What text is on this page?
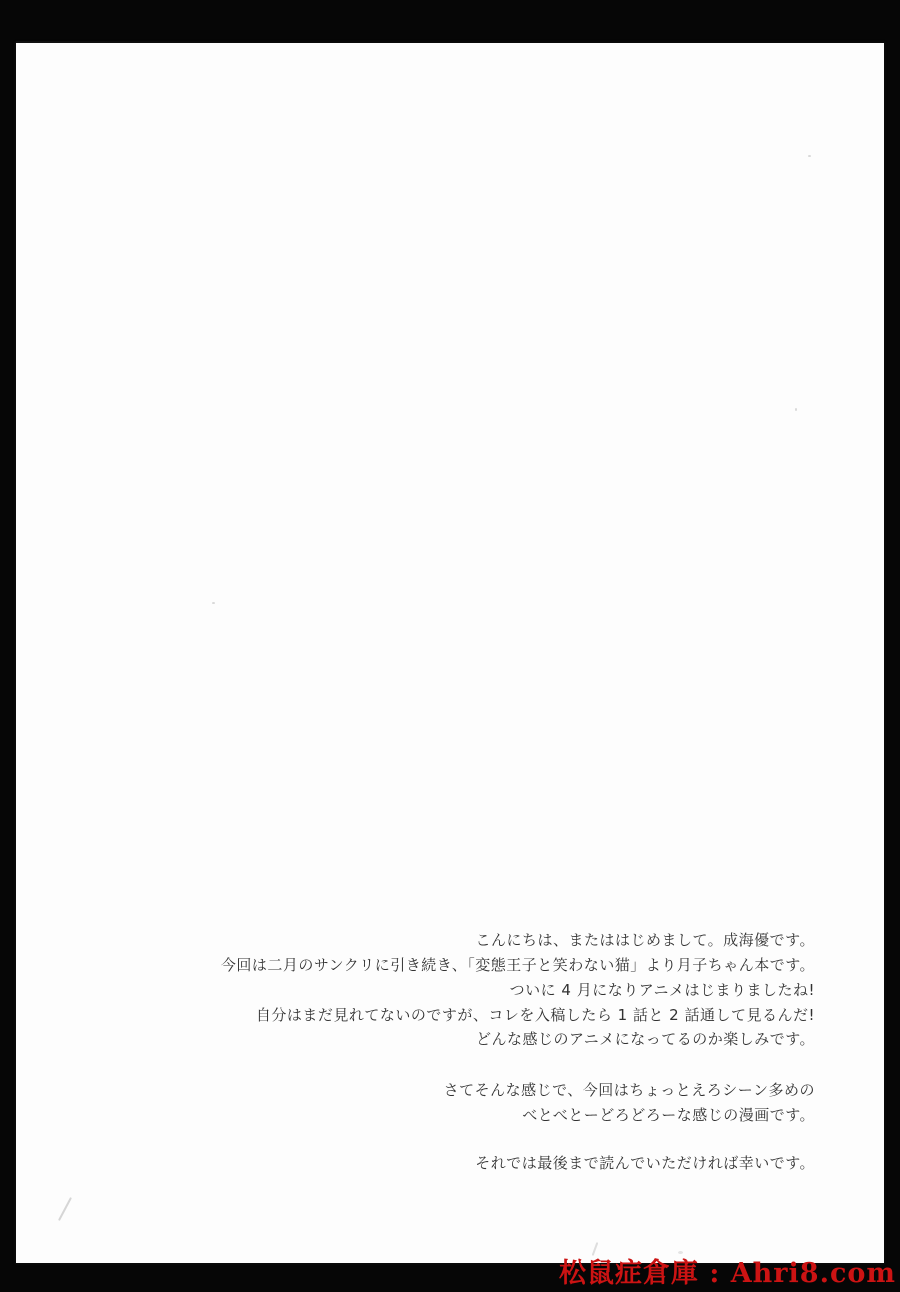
こんにちは、またははじめまして。成海優です。
今回は二月のサンクリに引き続き、「変態王子と笑わない猫」より月子ちゃん本です。
ついに 4 月になりアニメはじまりましたね!
自分はまだ見れてないのですが、コレを入稿したら 1 話と 2 話通して見るんだ!
どんな感じのアニメになってるのか楽しみです。
さてそんな感じで、今回はちょっとえろシーン多めの
べとべとーどろどろーな感じの漫画です。
それでは最後まで読んでいただければ幸いです。
松鼠症倉庫 : Ahri8.com
